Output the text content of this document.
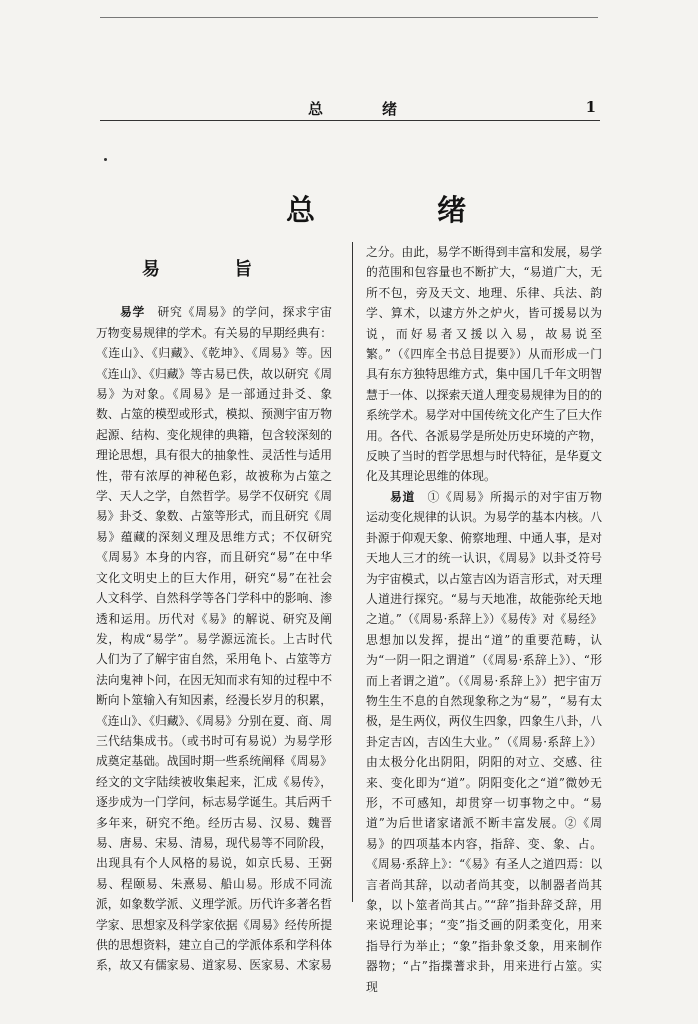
总　绪	1
总 绪
易 旨

易学　 研究《周易》的学问，探求宇宙万物变易规律的学术。有关易的早期经典有：《连山》、《归藏》、《乾坤》、《周易》等。因《连山》、《归藏》等古易已佚，故以研究《周易》为对象。《周易》是一部通过卦爻、象数、占筮的模型或形式，模拟、预测宇宙万物起源、结构、变化规律的典籍，包含较深刻的理论思想，具有很大的抽象性、灵活性与适用性，带有浓厚的神秘色彩，故被称为占筮之学、天人之学，自然哲学。易学不仅研究《周易》卦爻、象数、占筮等形式，而且研究《周易》蕴藏的深刻义理及思维方式；不仅研究《周易》本身的内容，而且研究“易”在中华文化文明史上的巨大作用，研究“易”在社会人文科学、自然科学等各门学科中的影响、渗透和运用。历代对《易》的解说、研究及阐发，构成“易学”。易学源远流长。上古时代人们为了了解宇宙自然，采用龟卜、占筮等方法向鬼神卜问，在因无知而求有知的过程中不断向卜筮输入有知因素，经漫长岁月的积累，《连山》、《归藏》、《周易》分别在夏、商、周三代结集成书。（或书时可有易说）为易学形成奠定基础。战国时期一些系统阐释《周易》经文的文字陆续被收集起来，汇成《易传》，逐步成为一门学问，标志易学诞生。其后两千多年来，研究不绝。经历古易、汉易、魏晋易、唐易、宋易、清易，现代易等不同阶段，出现具有个人风格的易说，如京氏易、王弼易、程颐易、朱熹易、船山易。形成不同流派，如象数学派、义理学派。历代许多著名哲学家、思想家及科学家依据《周易》经传所提供的思想资料，建立自己的学派体系和学科体系，故又有儒家易、道家易、医家易、术家易

之分。由此，易学不断得到丰富和发展，易学的范围和包容量也不断扩大，“易道广大，无所不包，旁及天文、地理、乐律、兵法、韵学、算术，以逮方外之炉火，皆可援易以为说，而好易者又援以入易，故易说至繁。”（《四库全书总目提要》）从而形成一门具有东方独特思维方式，集中国几千年文明智慧于一体、以探索天道人理变易规律为目的的系统学术。易学对中国传统文化产生了巨大作用。各代、各派易学是所处历史环境的产物，反映了当时的哲学思想与时代特征，是华夏文化及其理论思维的体现。

易道　 ①《周易》所揭示的对宇宙万物运动变化规律的认识。为易学的基本内核。八卦源于仰观天象、俯察地理、中通人事，是对天地人三才的统一认识，《周易》以卦爻符号为宇宙模式，以占筮吉凶为语言形式，对天理人道进行探究。“易与天地准，故能弥纶天地之道。”（《周易·系辞上》）《易传》对《易经》思想加以发挥，提出“道”的重要范畴，认为“一阴一阳之谓道”（《周易·系辞上》）、“形而上者谓之道”。（《周易·系辞上》）把宇宙万物生生不息的自然现象称之为“易”，“易有太极，是生两仪，两仪生四象，四象生八卦，八卦定吉凶，吉凶生大业。”（《周易·系辞上》）由太极分化出阴阳，阴阳的对立、交感、往来、变化即为“道”。阴阳变化之“道”微妙无形，不可感知，却贯穿一切事物之中。“易道”为后世诸家诸派不断丰富发展。②《周易》的四项基本内容，指辞、变、象、占。《周易·系辞上》：“《易》有圣人之道四焉：以言者尚其辞，以动者尚其变，以制器者尚其象，以卜筮者尚其占。”“辞”指卦辞爻辞，用来说理论事；“变”指爻画的阴柔变化，用来指导行为举止；“象”指卦象爻象，用来制作器物；“占”指揲蓍求卦，用来进行占筮。实现
